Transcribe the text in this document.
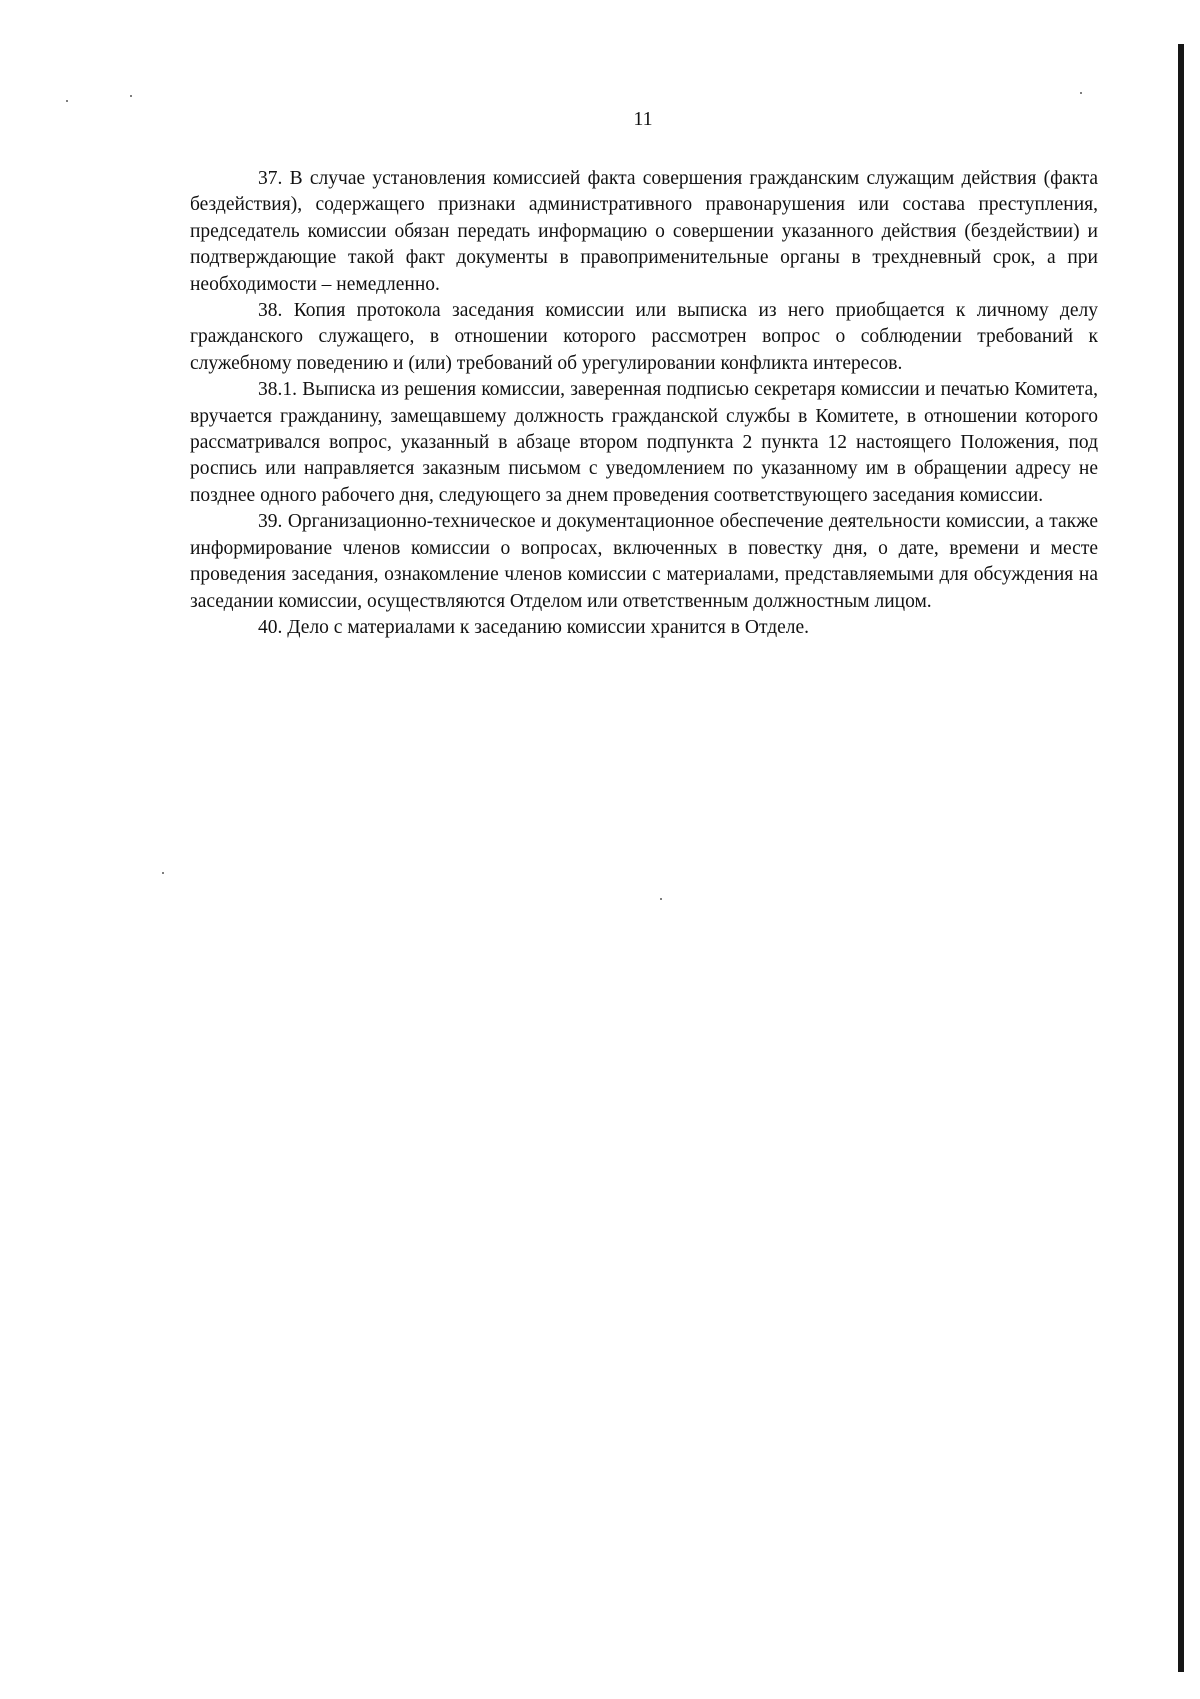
11

37. В случае установления комиссией факта совершения гражданским служащим действия (факта бездействия), содержащего признаки административного правонарушения или состава преступления, председатель комиссии обязан передать информацию о совершении указанного действия (бездействии) и подтверждающие такой факт документы в правоприменительные органы в трехдневный срок, а при необходимости – немедленно.

38. Копия протокола заседания комиссии или выписка из него приобщается к личному делу гражданского служащего, в отношении которого рассмотрен вопрос о соблюдении требований к служебному поведению и (или) требований об урегулировании конфликта интересов.

38.1. Выписка из решения комиссии, заверенная подписью секретаря комиссии и печатью Комитета, вручается гражданину, замещавшему должность гражданской службы в Комитете, в отношении которого рассматривался вопрос, указанный в абзаце втором подпункта 2 пункта 12 настоящего Положения, под роспись или направляется заказным письмом с уведомлением по указанному им в обращении адресу не позднее одного рабочего дня, следующего за днем проведения соответствующего заседания комиссии.

39. Организационно-техническое и документационное обеспечение деятельности комиссии, а также информирование членов комиссии о вопросах, включенных в повестку дня, о дате, времени и месте проведения заседания, ознакомление членов комиссии с материалами, представляемыми для обсуждения на заседании комиссии, осуществляются Отделом или ответственным должностным лицом.

40. Дело с материалами к заседанию комиссии хранится в Отделе.
